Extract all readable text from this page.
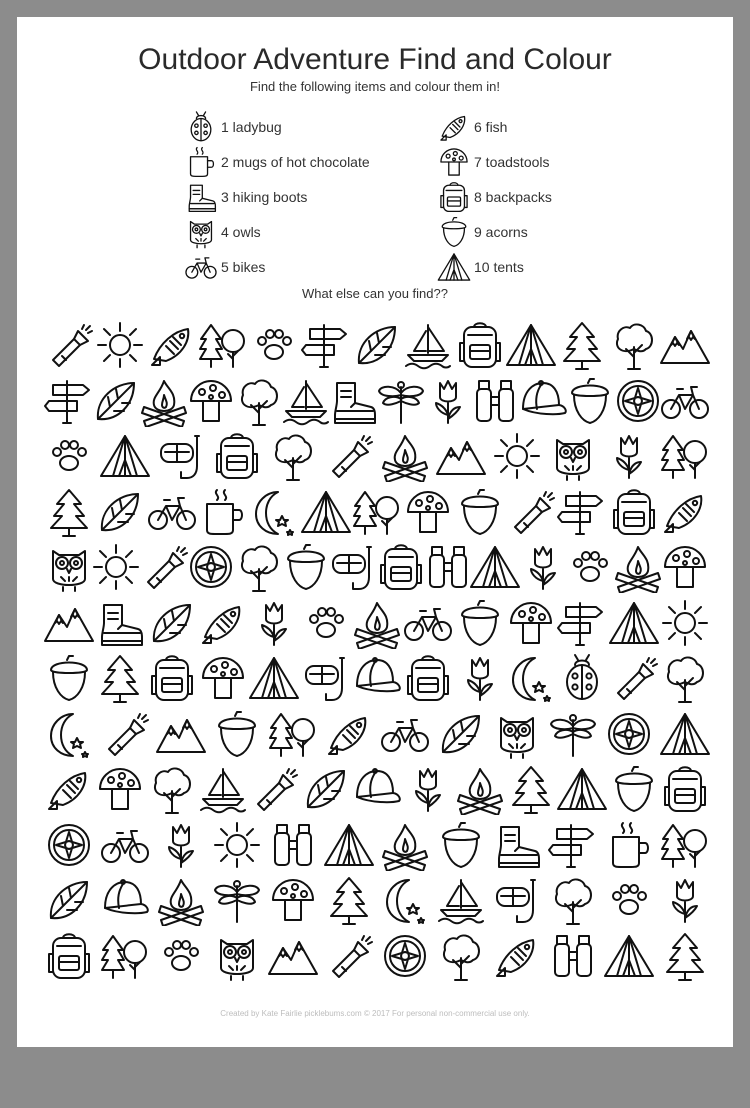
Outdoor Adventure Find and Colour
Find the following items and colour them in!
1 ladybug
2 mugs of hot chocolate
3 hiking boots
4 owls
5 bikes
6 fish
7 toadstools
8 backpacks
9 acorns
10 tents
What else can you find??
Created by Kate Fairlie picklebums.com © 2017 For personal non-commercial use only.
